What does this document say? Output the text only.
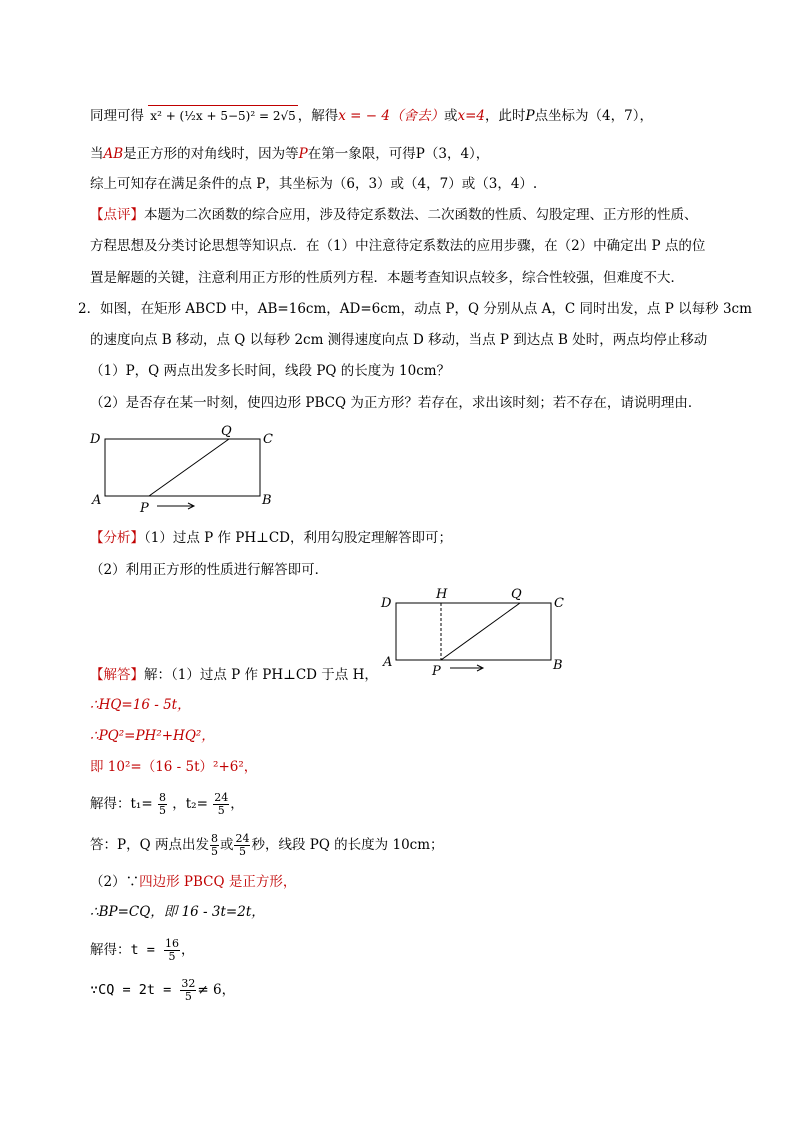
同理可得 x² + (½x + 5−5)² = 2√5 ，解得x = − 4（舍去）或x=4，此时P点坐标为（4，7），
当AB是正方形的对角线时，因为等P在第一象限，可得P（3，4），
综上可知存在满足条件的点 P，其坐标为（6，3）或（4，7）或（3，4）.
【点评】本题为二次函数的综合应用，涉及待定系数法、二次函数的性质、勾股定理、正方形的性质、
方程思想及分类讨论思想等知识点．在（1）中注意待定系数法的应用步骤，在（2）中确定出 P 点的位
置是解题的关键，注意利用正方形的性质列方程．本题考查知识点较多，综合性较强，但难度不大．
2．如图，在矩形 ABCD 中，AB=16cm，AD=6cm，动点 P，Q 分别从点 A，C 同时出发，点 P 以每秒 3cm
的速度向点 B 移动，点 Q 以每秒 2cm 测得速度向点 D 移动，当点 P 到达点 B 处时，两点均停止移动
（1）P，Q 两点出发多长时间，线段 PQ 的长度为 10cm？
（2）是否存在某一时刻，使四边形 PBCQ 为正方形？若存在，求出该时刻；若不存在，请说明理由．
D
Q
C
A
P
B
【分析】（1）过点 P 作 PH⊥CD，利用勾股定理解答即可；
（2）利用正方形的性质进行解答即可．
D
H	Q
C
A
P	B
【解答】解：（1）过点 P 作 PH⊥CD 于点 H，
∴HQ=16 - 5t，
∴PQ²=PH²+HQ²，
即 10²=（16 - 5t）²+6²，
解得：$t_1= \frac{8}{5}$ ，$t_2= \frac{24}{5}$ ，
答：P，Q 两点出发 $\frac{8}{5}$ 或 $\frac{24}{5}$ 秒，线段 PQ 的长度为 10cm；
（2）∵四边形 PBCQ 是正方形，
∴BP=CQ，即 16 - 3t=2t，
解得：$t = \frac{16}{5}$ ，
∵CQ = $2t = \frac{32}{5} \ne 6$，
